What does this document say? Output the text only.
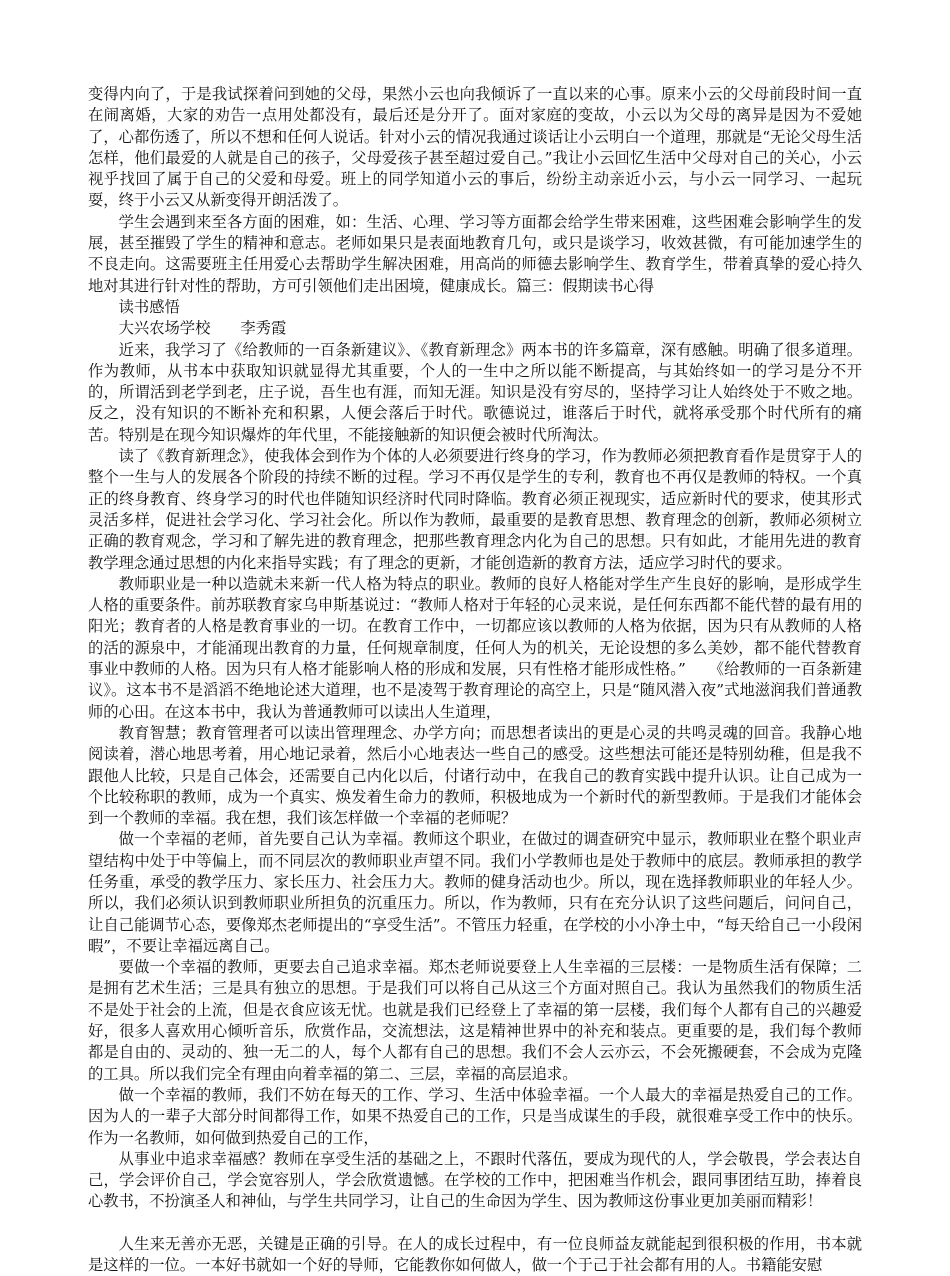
变得内向了，于是我试探着问到她的父母，果然小云也向我倾诉了一直以来的心事。原来小云的父母前段时间一直在闹离婚，大家的劝告一点用处都没有，最后还是分开了。面对家庭的变故，小云以为父母的离异是因为不爱她了，心都伤透了，所以不想和任何人说话。针对小云的情况我通过谈话让小云明白一个道理，那就是“无论父母生活怎样，他们最爱的人就是自己的孩子，父母爱孩子甚至超过爱自己。”我让小云回忆生活中父母对自己的关心，小云视乎找回了属于自己的父爱和母爱。班上的同学知道小云的事后，纷纷主动亲近小云，与小云一同学习、一起玩耍，终于小云又从新变得开朗活泼了。

学生会遇到来至各方面的困难，如：生活、心理、学习等方面都会给学生带来困难，这些困难会影响学生的发展，甚至摧毁了学生的精神和意志。老师如果只是表面地教育几句，或只是谈学习，收效甚微，有可能加速学生的不良走向。这需要班主任用爱心去帮助学生解决困难，用高尚的师德去影响学生、教育学生，带着真挚的爱心持久地对其进行针对性的帮助，方可引领他们走出困境，健康成长。篇三：假期读书心得

读书感悟

大兴农场学校 李秀霞

近来，我学习了《给教师的一百条新建议》、《教育新理念》两本书的许多篇章，深有感触。明确了很多道理。作为教师，从书本中获取知识就显得尤其重要，个人的一生中之所以能不断提高，与其始终如一的学习是分不开的，所谓活到老学到老，庄子说，吾生也有涯，而知无涯。知识是没有穷尽的，坚持学习让人始终处于不败之地。反之，没有知识的不断补充和积累，人便会落后于时代。歌德说过，谁落后于时代，就将承受那个时代所有的痛苦。特别是在现今知识爆炸的年代里，不能接触新的知识便会被时代所淘汰。

读了《教育新理念》，使我体会到作为个体的人必须要进行终身的学习，作为教师必须把教育看作是贯穿于人的整个一生与人的发展各个阶段的持续不断的过程。学习不再仅是学生的专利，教育也不再仅是教师的特权。一个真正的终身教育、终身学习的时代也伴随知识经济时代同时降临。教育必须正视现实，适应新时代的要求，使其形式灵活多样，促进社会学习化、学习社会化。所以作为教师，最重要的是教育思想、教育理念的创新，教师必须树立正确的教育观念，学习和了解先进的教育理念，把那些教育理念内化为自己的思想。只有如此，才能用先进的教育教学理念通过思想的内化来指导实践；有了理念的更新，才能创造新的教育方法，适应学习时代的要求。

教师职业是一种以造就未来新一代人格为特点的职业。教师的良好人格能对学生产生良好的影响，是形成学生人格的重要条件。前苏联教育家乌申斯基说过：“教师人格对于年轻的心灵来说，是任何东西都不能代替的最有用的阳光；教育者的人格是教育事业的一切。在教育工作中，一切都应该以教师的人格为依据，因为只有从教师的人格的活的源泉中，才能涌现出教育的力量，任何规章制度，任何人为的机关，无论设想的多么美妙，都不能代替教育事业中教师的人格。因为只有人格才能影响人格的形成和发展，只有性格才能形成性格。”　　《给教师的一百条新建议》。这本书不是滔滔不绝地论述大道理，也不是凌驾于教育理论的高空上，只是“随风潜入夜”式地滋润我们普通教师的心田。在这本书中，我认为普通教师可以读出人生道理，

教育智慧；教育管理者可以读出管理理念、办学方向；而思想者读出的更是心灵的共鸣灵魂的回音。我静心地阅读着，潜心地思考着，用心地记录着，然后小心地表达一些自己的感受。这些想法可能还是特别幼稚，但是我不跟他人比较，只是自己体会，还需要自己内化以后，付诸行动中，在我自己的教育实践中提升认识。让自己成为一个比较称职的教师，成为一个真实、焕发着生命力的教师，积极地成为一个新时代的新型教师。于是我们才能体会到一个教师的幸福。我在想，我们该怎样做一个幸福的老师呢？

做一个幸福的老师，首先要自己认为幸福。教师这个职业，在做过的调查研究中显示，教师职业在整个职业声望结构中处于中等偏上，而不同层次的教师职业声望不同。我们小学教师也是处于教师中的底层。教师承担的教学任务重，承受的教学压力、家长压力、社会压力大。教师的健身活动也少。所以，现在选择教师职业的年轻人少。所以，我们必须认识到教师职业所担负的沉重压力。所以，作为教师，只有在充分认识了这些问题后，问问自己，让自己能调节心态，要像郑杰老师提出的“享受生活”。不管压力轻重，在学校的小小净土中，“每天给自己一小段闲暇”，不要让幸福远离自己。

要做一个幸福的教师，更要去自己追求幸福。郑杰老师说要登上人生幸福的三层楼：一是物质生活有保障；二是拥有艺术生活；三是具有独立的思想。于是我们可以将自己从这三个方面对照自己。我认为虽然我们的物质生活不是处于社会的上流，但是衣食应该无忧。也就是我们已经登上了幸福的第一层楼，我们每个人都有自己的兴趣爱好，很多人喜欢用心倾听音乐，欣赏作品，交流想法，这是精神世界中的补充和装点。更重要的是，我们每个教师都是自由的、灵动的、独一无二的人，每个人都有自己的思想。我们不会人云亦云，不会死搬硬套，不会成为克隆的工具。所以我们完全有理由向着幸福的第二、三层，幸福的高层追求。

做一个幸福的教师，我们不妨在每天的工作、学习、生活中体验幸福。一个人最大的幸福是热爱自己的工作。因为人的一辈子大部分时间都得工作，如果不热爱自己的工作，只是当成谋生的手段，就很难享受工作中的快乐。作为一名教师，如何做到热爱自己的工作，

从事业中追求幸福感？教师在享受生活的基础之上，不跟时代落伍，要成为现代的人，学会敬畏，学会表达自己，学会评价自己，学会宽容别人，学会欣赏遗憾。在学校的工作中，把困难当作机会，跟同事团结互助，捧着良心教书，不扮演圣人和神仙，与学生共同学习，让自己的生命因为学生、因为教师这份事业更加美丽而精彩！

人生来无善亦无恶，关键是正确的引导。在人的成长过程中，有一位良师益友就能起到很积极的作用，书本就是这样的一位。一本好书就如一个好的导师，它能教你如何做人，做一个于己于社会都有用的人。书籍能安慰
